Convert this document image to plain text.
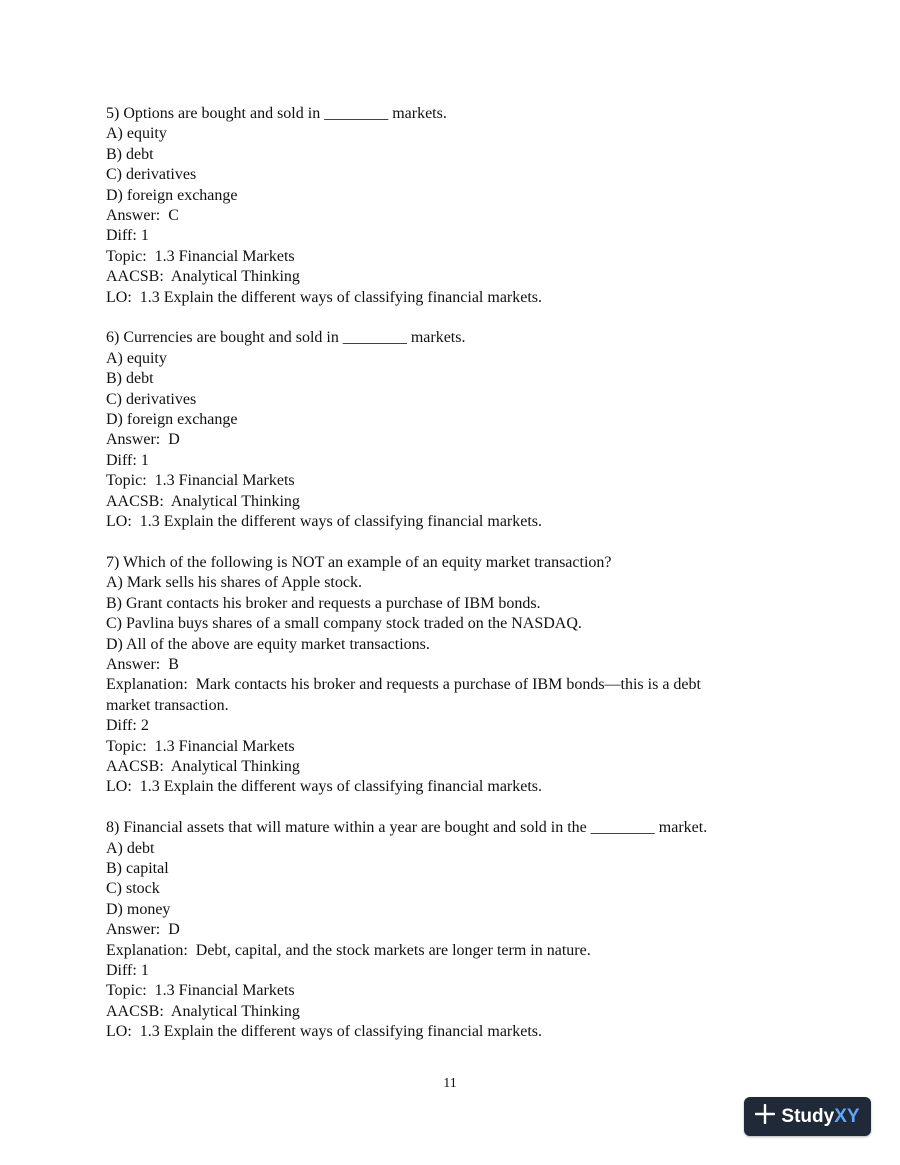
5) Options are bought and sold in ________ markets.
A) equity
B) debt
C) derivatives
D) foreign exchange
Answer:  C
Diff: 1
Topic:  1.3 Financial Markets
AACSB:  Analytical Thinking
LO:  1.3 Explain the different ways of classifying financial markets.
6) Currencies are bought and sold in ________ markets.
A) equity
B) debt
C) derivatives
D) foreign exchange
Answer:  D
Diff: 1
Topic:  1.3 Financial Markets
AACSB:  Analytical Thinking
LO:  1.3 Explain the different ways of classifying financial markets.
7) Which of the following is NOT an example of an equity market transaction?
A) Mark sells his shares of Apple stock.
B) Grant contacts his broker and requests a purchase of IBM bonds.
C) Pavlina buys shares of a small company stock traded on the NASDAQ.
D) All of the above are equity market transactions.
Answer:  B
Explanation:  Mark contacts his broker and requests a purchase of IBM bonds—this is a debt
market transaction.
Diff: 2
Topic:  1.3 Financial Markets
AACSB:  Analytical Thinking
LO:  1.3 Explain the different ways of classifying financial markets.
8) Financial assets that will mature within a year are bought and sold in the ________ market.
A) debt
B) capital
C) stock
D) money
Answer:  D
Explanation:  Debt, capital, and the stock markets are longer term in nature.
Diff: 1
Topic:  1.3 Financial Markets
AACSB:  Analytical Thinking
LO:  1.3 Explain the different ways of classifying financial markets.
11
Study XY
